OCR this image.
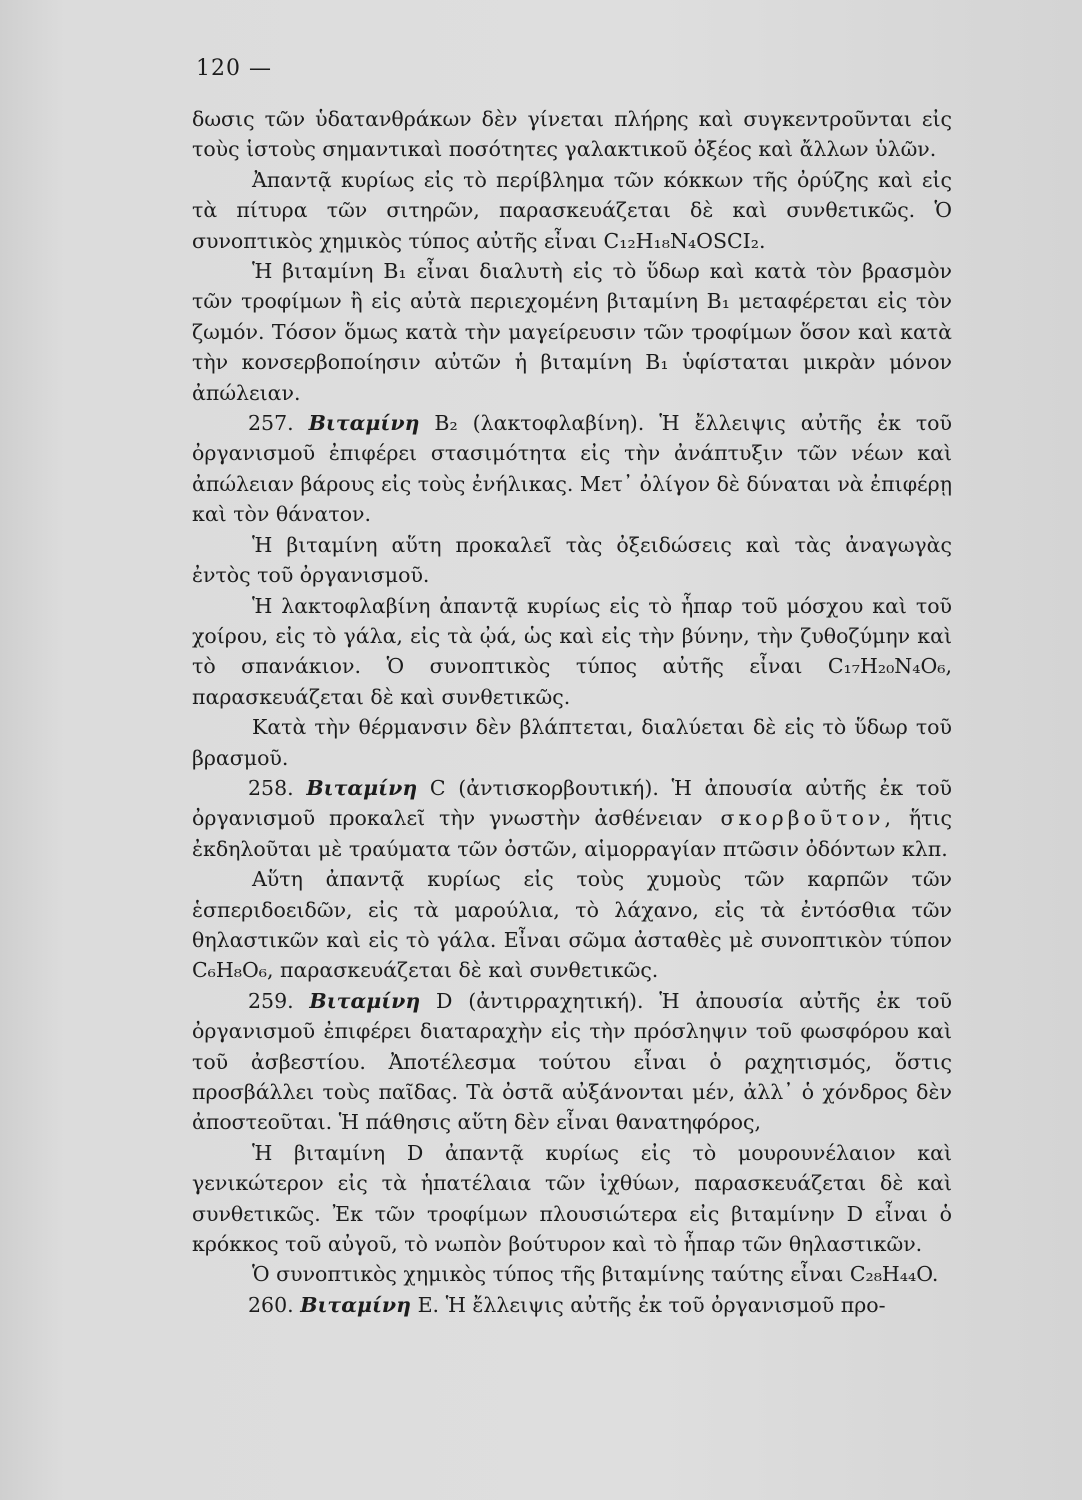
120 —

δωσις τῶν ὑδατανθράκων δὲν γίνεται πλήρης καὶ συγκεντροῦνται εἰς τοὺς ἱστοὺς σημαντικαὶ ποσότητες γαλακτικοῦ ὀξέος καὶ ἄλλων ὑλῶν.

Ἀπαντᾷ κυρίως εἰς τὸ περίβλημα τῶν κόκκων τῆς ὀρύζης καὶ εἰς τὰ πίτυρα τῶν σιτηρῶν, παρασκευάζεται δὲ καὶ συνθετικῶς. Ὁ συνοπτικὸς χημικὸς τύπος αὐτῆς εἶναι C₁₂H₁₈N₄OSCI₂.

Ἡ βιταμίνη B₁ εἶναι διαλυτὴ εἰς τὸ ὕδωρ καὶ κατὰ τὸν βρασμὸν τῶν τροφίμων ἢ εἰς αὐτὰ περιεχομένη βιταμίνη B₁ μεταφέρεται εἰς τὸν ζωμόν. Τόσον ὅμως κατὰ τὴν μαγείρευσιν τῶν τροφίμων ὅσον καὶ κατὰ τὴν κονσερβοποίησιν αὐτῶν ἡ βιταμίνη B₁ ὑφίσταται μικρὰν μόνον ἀπώλειαν.

257. Βιταμίνη B₂ (λακτοφλαβίνη). Ἡ ἔλλειψις αὐτῆς ἐκ τοῦ ὀργανισμοῦ ἐπιφέρει στασιμότητα εἰς τὴν ἀνάπτυξιν τῶν νέων καὶ ἀπώλειαν βάρους εἰς τοὺς ἐνήλικας. Μετ᾽ ὀλίγον δὲ δύναται νὰ ἐπιφέρῃ καὶ τὸν θάνατον.

Ἡ βιταμίνη αὕτη προκαλεῖ τὰς ὀξειδώσεις καὶ τὰς ἀναγωγὰς ἐντὸς τοῦ ὀργανισμοῦ.

Ἡ λακτοφλαβίνη ἀπαντᾷ κυρίως εἰς τὸ ἧπαρ τοῦ μόσχου καὶ τοῦ χοίρου, εἰς τὸ γάλα, εἰς τὰ ᾠά, ὡς καὶ εἰς τὴν βύνην, τὴν ζυθοζύμην καὶ τὸ σπανάκιον. Ὁ συνοπτικὸς τύπος αὐτῆς εἶναι C₁₇H₂₀N₄O₆, παρασκευάζεται δὲ καὶ συνθετικῶς.

Κατὰ τὴν θέρμανσιν δὲν βλάπτεται, διαλύεται δὲ εἰς τὸ ὕδωρ τοῦ βρασμοῦ.

258. Βιταμίνη C (ἀντισκορβουτική). Ἡ ἀπουσία αὐτῆς ἐκ τοῦ ὀργανισμοῦ προκαλεῖ τὴν γνωστὴν ἀσθένειαν σκορβοῦτον, ἥτις ἐκδηλοῦται μὲ τραύματα τῶν ὀστῶν, αἱμορραγίαν πτῶσιν ὀδόντων κλπ.

Αὕτη ἀπαντᾷ κυρίως εἰς τοὺς χυμοὺς τῶν καρπῶν τῶν ἑσπεριδοειδῶν, εἰς τὰ μαρούλια, τὸ λάχανο, εἰς τὰ ἐντόσθια τῶν θηλαστικῶν καὶ εἰς τὸ γάλα. Εἶναι σῶμα ἀσταθὲς μὲ συνοπτικὸν τύπον C₆H₈O₆, παρασκευάζεται δὲ καὶ συνθετικῶς.

259. Βιταμίνη D (ἀντιρραχητική). Ἡ ἀπουσία αὐτῆς ἐκ τοῦ ὀργανισμοῦ ἐπιφέρει διαταραχὴν εἰς τὴν πρόσληψιν τοῦ φωσφόρου καὶ τοῦ ἀσβεστίου. Ἀποτέλεσμα τούτου εἶναι ὁ ραχητισμός, ὅστις προσβάλλει τοὺς παῖδας. Τὰ ὀστᾶ αὐξάνονται μέν, ἀλλ᾽ ὁ χόνδρος δὲν ἀποστεοῦται. Ἡ πάθησις αὕτη δὲν εἶναι θανατηφόρος,

Ἡ βιταμίνη D ἀπαντᾷ κυρίως εἰς τὸ μουρουνέλαιον καὶ γενικώτερον εἰς τὰ ἡπατέλαια τῶν ἰχθύων, παρασκευάζεται δὲ καὶ συνθετικῶς. Ἐκ τῶν τροφίμων πλουσιώτερα εἰς βιταμίνην D εἶναι ὁ κρόκκος τοῦ αὐγοῦ, τὸ νωπὸν βούτυρον καὶ τὸ ἧπαρ τῶν θηλαστικῶν.

Ὁ συνοπτικὸς χημικὸς τύπος τῆς βιταμίνης ταύτης εἶναι C₂₈H₄₄O.

260. Βιταμίνη E. Ἡ ἔλλειψις αὐτῆς ἐκ τοῦ ὀργανισμοῦ προ-
